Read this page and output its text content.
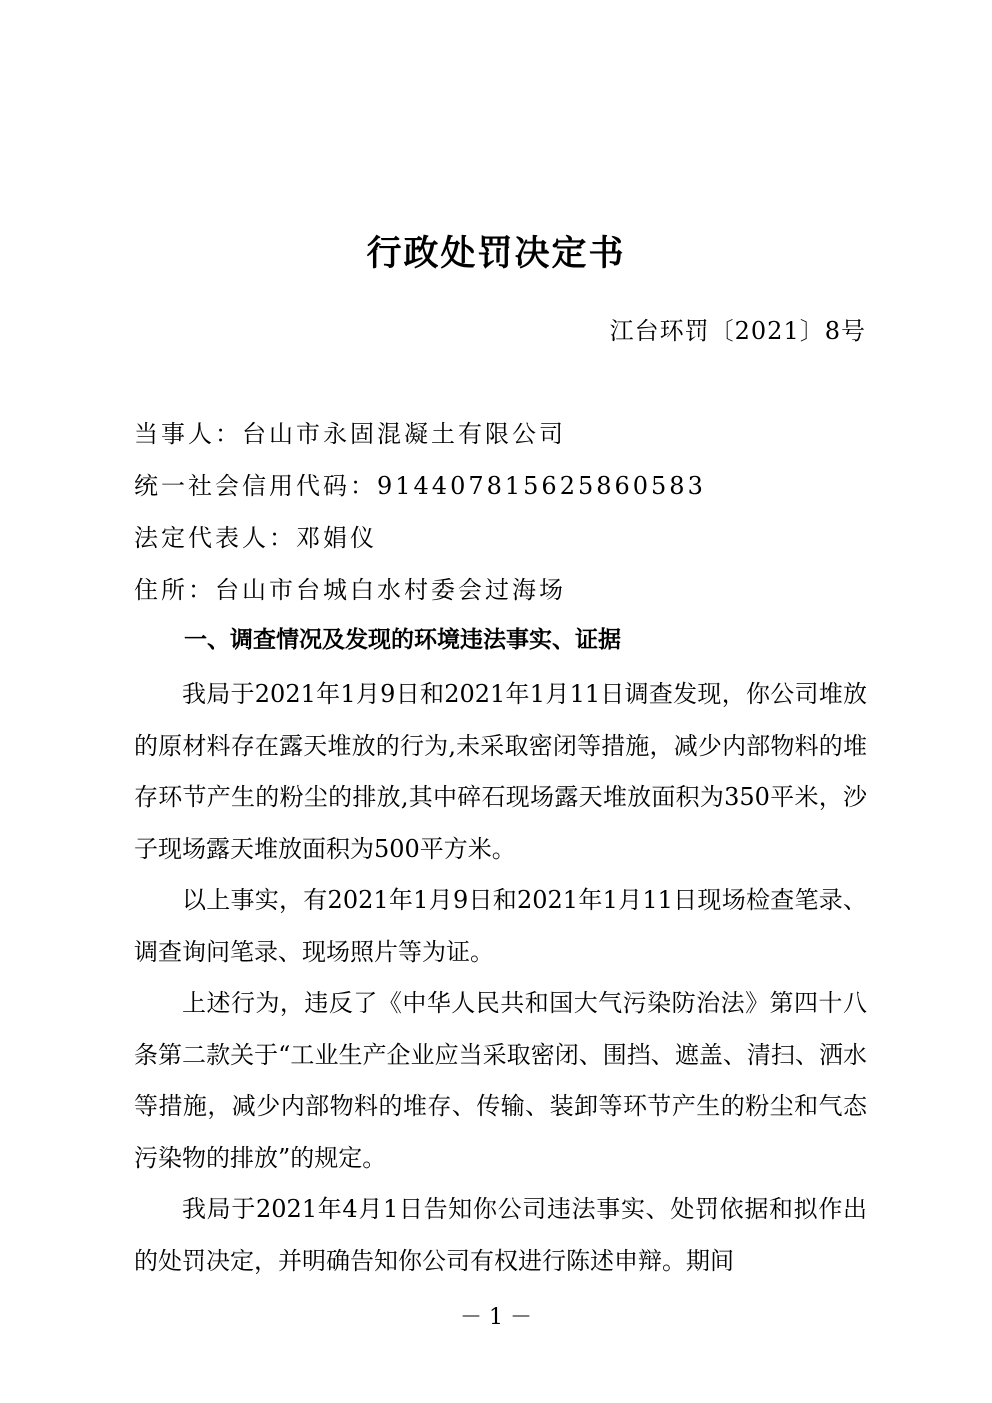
行政处罚决定书
江台环罚〔2021〕8号
当事人：台山市永固混凝土有限公司
统一社会信用代码：914407815625860583
法定代表人：邓娟仪
住所：台山市台城白水村委会过海场
一、调查情况及发现的环境违法事实、证据

我局于2021年1月9日和2021年1月11日调查发现，你公司堆放的原材料存在露天堆放的行为,未采取密闭等措施，减少内部物料的堆存环节产生的粉尘的排放,其中碎石现场露天堆放面积为350平米，沙子现场露天堆放面积为500平方米。

以上事实，有2021年1月9日和2021年1月11日现场检查笔录、调查询问笔录、现场照片等为证。

上述行为，违反了《中华人民共和国大气污染防治法》第四十八条第二款关于“工业生产企业应当采取密闭、围挡、遮盖、清扫、洒水等措施，减少内部物料的堆存、传输、装卸等环节产生的粉尘和气态污染物的排放”的规定。

我局于2021年4月1日告知你公司违法事实、处罚依据和拟作出的处罚决定，并明确告知你公司有权进行陈述申辩。期间

－ 1 －
